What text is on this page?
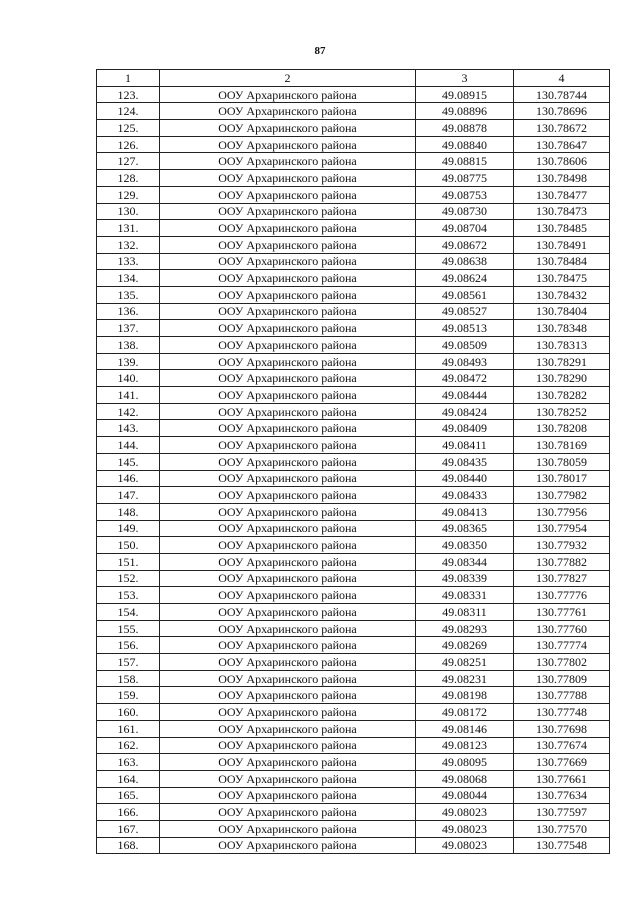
87
1	2	3	4
123.	ООУ Архаринского района	49.08915	130.78744
124.	ООУ Архаринского района	49.08896	130.78696
125.	ООУ Архаринского района	49.08878	130.78672
126.	ООУ Архаринского района	49.08840	130.78647
127.	ООУ Архаринского района	49.08815	130.78606
128.	ООУ Архаринского района	49.08775	130.78498
129.	ООУ Архаринского района	49.08753	130.78477
130.	ООУ Архаринского района	49.08730	130.78473
131.	ООУ Архаринского района	49.08704	130.78485
132.	ООУ Архаринского района	49.08672	130.78491
133.	ООУ Архаринского района	49.08638	130.78484
134.	ООУ Архаринского района	49.08624	130.78475
135.	ООУ Архаринского района	49.08561	130.78432
136.	ООУ Архаринского района	49.08527	130.78404
137.	ООУ Архаринского района	49.08513	130.78348
138.	ООУ Архаринского района	49.08509	130.78313
139.	ООУ Архаринского района	49.08493	130.78291
140.	ООУ Архаринского района	49.08472	130.78290
141.	ООУ Архаринского района	49.08444	130.78282
142.	ООУ Архаринского района	49.08424	130.78252
143.	ООУ Архаринского района	49.08409	130.78208
144.	ООУ Архаринского района	49.08411	130.78169
145.	ООУ Архаринского района	49.08435	130.78059
146.	ООУ Архаринского района	49.08440	130.78017
147.	ООУ Архаринского района	49.08433	130.77982
148.	ООУ Архаринского района	49.08413	130.77956
149.	ООУ Архаринского района	49.08365	130.77954
150.	ООУ Архаринского района	49.08350	130.77932
151.	ООУ Архаринского района	49.08344	130.77882
152.	ООУ Архаринского района	49.08339	130.77827
153.	ООУ Архаринского района	49.08331	130.77776
154.	ООУ Архаринского района	49.08311	130.77761
155.	ООУ Архаринского района	49.08293	130.77760
156.	ООУ Архаринского района	49.08269	130.77774
157.	ООУ Архаринского района	49.08251	130.77802
158.	ООУ Архаринского района	49.08231	130.77809
159.	ООУ Архаринского района	49.08198	130.77788
160.	ООУ Архаринского района	49.08172	130.77748
161.	ООУ Архаринского района	49.08146	130.77698
162.	ООУ Архаринского района	49.08123	130.77674
163.	ООУ Архаринского района	49.08095	130.77669
164.	ООУ Архаринского района	49.08068	130.77661
165.	ООУ Архаринского района	49.08044	130.77634
166.	ООУ Архаринского района	49.08023	130.77597
167.	ООУ Архаринского района	49.08023	130.77570
168.	ООУ Архаринского района	49.08023	130.77548
